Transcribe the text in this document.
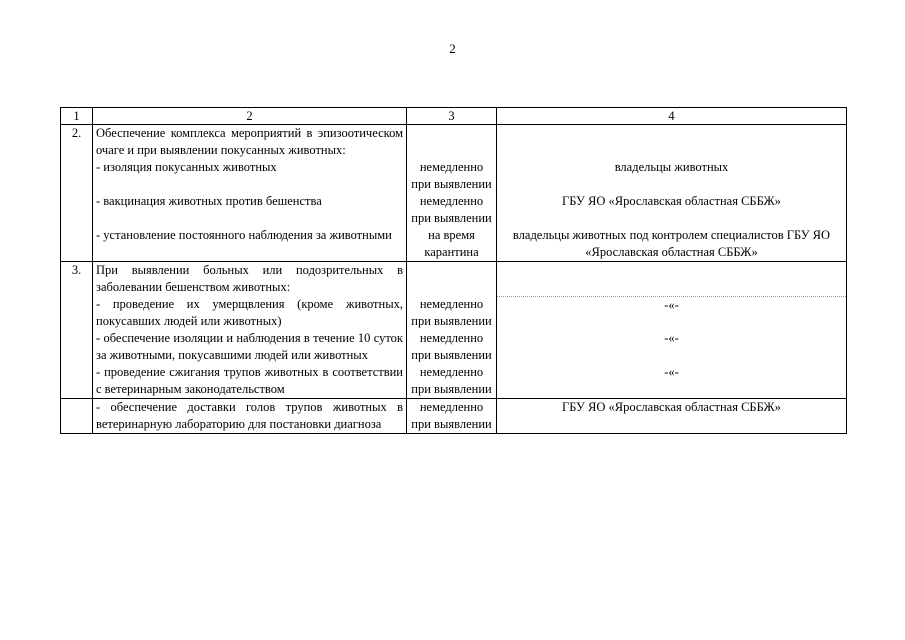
2
1	2	3	4
2.	Обеспечение комплекса мероприятий в эпизоотическом очаге и при выявлении покусанных животных:		
	- изоляция покусанных животных	немедленно при выявлении	владельцы животных
	- вакцинация животных против бешенства	немедленно при выявлении	ГБУ ЯО «Ярославская областная СББЖ»
	- установление постоянного наблюдения за животными	на время карантина	владельцы животных под контролем специалистов ГБУ ЯО «Ярославская областная СББЖ»
3.	При выявлении больных или подозрительных в заболевании бешенством животных:		
	- проведение их умерщвления (кроме животных, покусавших людей или животных)	немедленно при выявлении	-«-
	- обеспечение изоляции и наблюдения в течение 10 суток за животными, покусавшими людей или животных	немедленно при выявлении	-«-
	- проведение сжигания трупов животных в соответствии с ветеринарным законодательством	немедленно при выявлении	-«-
	- обеспечение доставки голов трупов животных в ветеринарную лабораторию для постановки диагноза	немедленно при выявлении	ГБУ ЯО «Ярославская областная СББЖ»
